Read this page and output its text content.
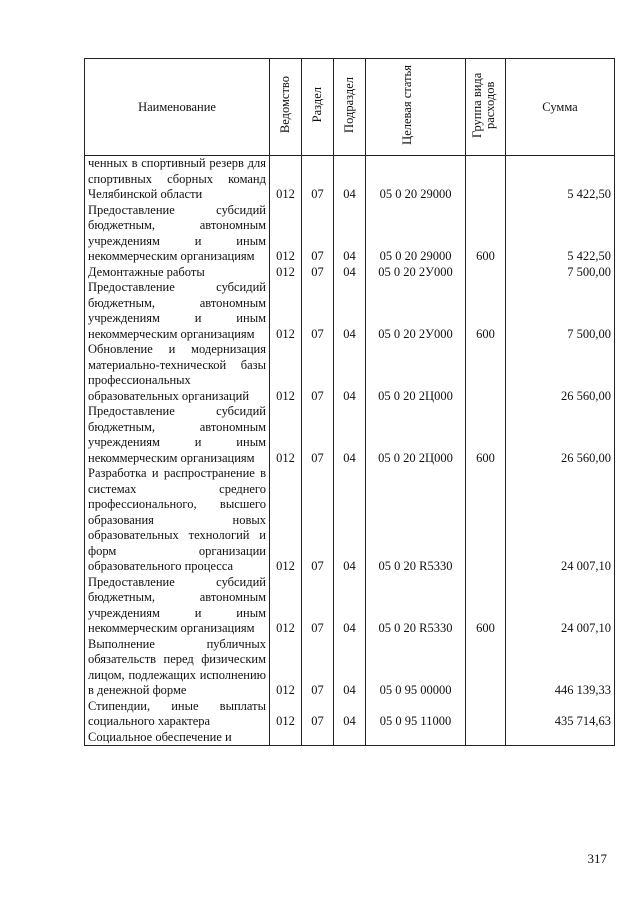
Наименование	Ведомство	Раздел	Подраздел	Целевая статья	Группа вида расходов	Сумма
ченных в спортивный резерв для спортивных сборных команд Челябинской области	012	07	04	05 0 20 29000		5 422,50
Предоставление субсидий бюджетным, автономным учреждениям и иным некоммерческим организациям	012	07	04	05 0 20 29000	600	5 422,50
Демонтажные работы	012	07	04	05 0 20 2У000		7 500,00
Предоставление субсидий бюджетным, автономным учреждениям и иным некоммерческим организациям	012	07	04	05 0 20 2У000	600	7 500,00
Обновление и модернизация материально-технической базы профессиональных образовательных организаций	012	07	04	05 0 20 2Ц000		26 560,00
Предоставление субсидий бюджетным, автономным учреждениям и иным некоммерческим организациям	012	07	04	05 0 20 2Ц000	600	26 560,00
Разработка и распространение в системах среднего профессионального, высшего образования новых образовательных технологий и форм организации образовательного процесса	012	07	04	05 0 20 R5330		24 007,10
Предоставление субсидий бюджетным, автономным учреждениям и иным некоммерческим организациям	012	07	04	05 0 20 R5330	600	24 007,10
Выполнение публичных обязательств перед физическим лицом, подлежащих исполнению в денежной форме	012	07	04	05 0 95 00000		446 139,33
Стипендии, иные выплаты социального характера	012	07	04	05 0 95 11000		435 714,63
Социальное обеспечение и						
317
